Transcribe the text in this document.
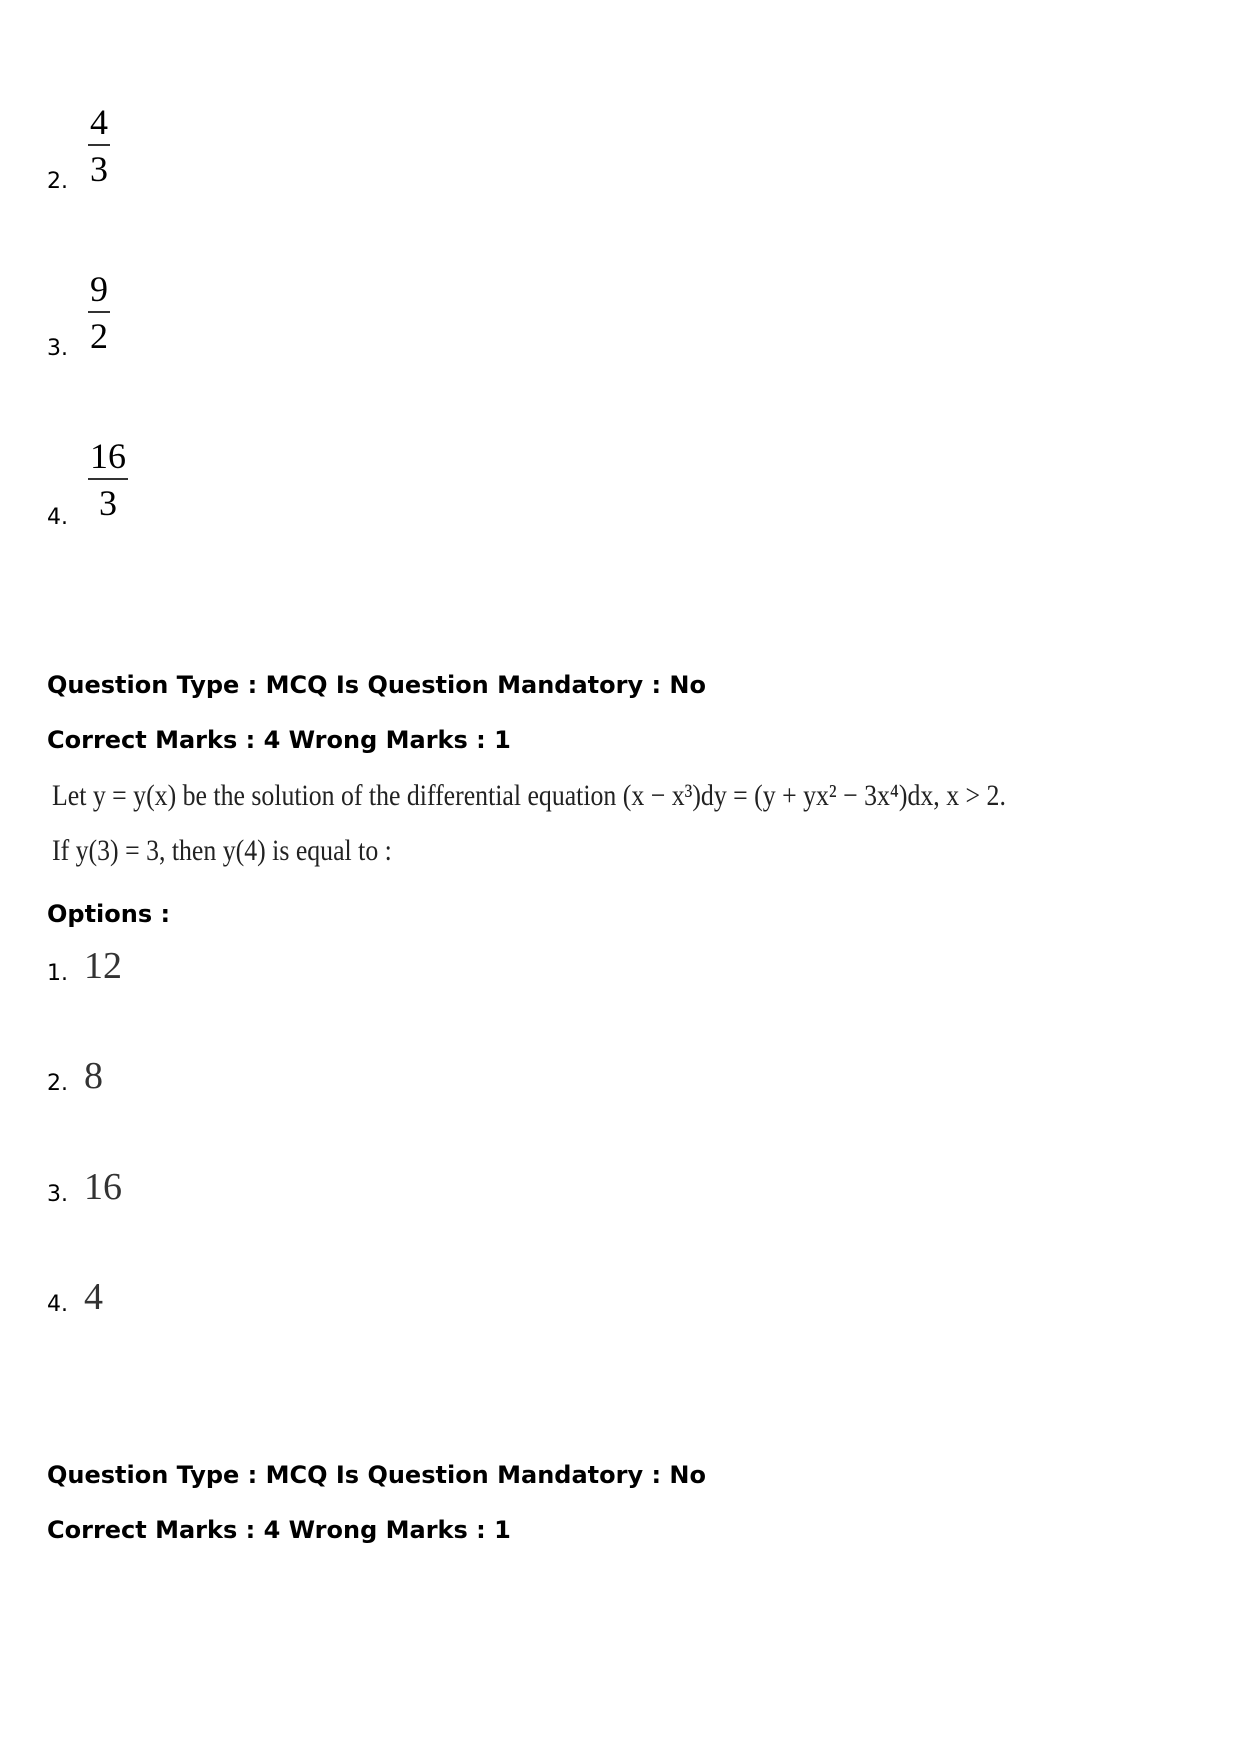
2.
4
3
3.
9
2
4.
16
3
Question Type : MCQ Is Question Mandatory : No
Correct Marks : 4 Wrong Marks : 1
Let y = y(x) be the solution of the differential equation (x − x³)dy = (y + yx² − 3x⁴)dx, x > 2.
If y(3) = 3, then y(4) is equal to :
Options :
1. 12
2. 8
3. 16
4. 4
Question Type : MCQ Is Question Mandatory : No
Correct Marks : 4 Wrong Marks : 1
